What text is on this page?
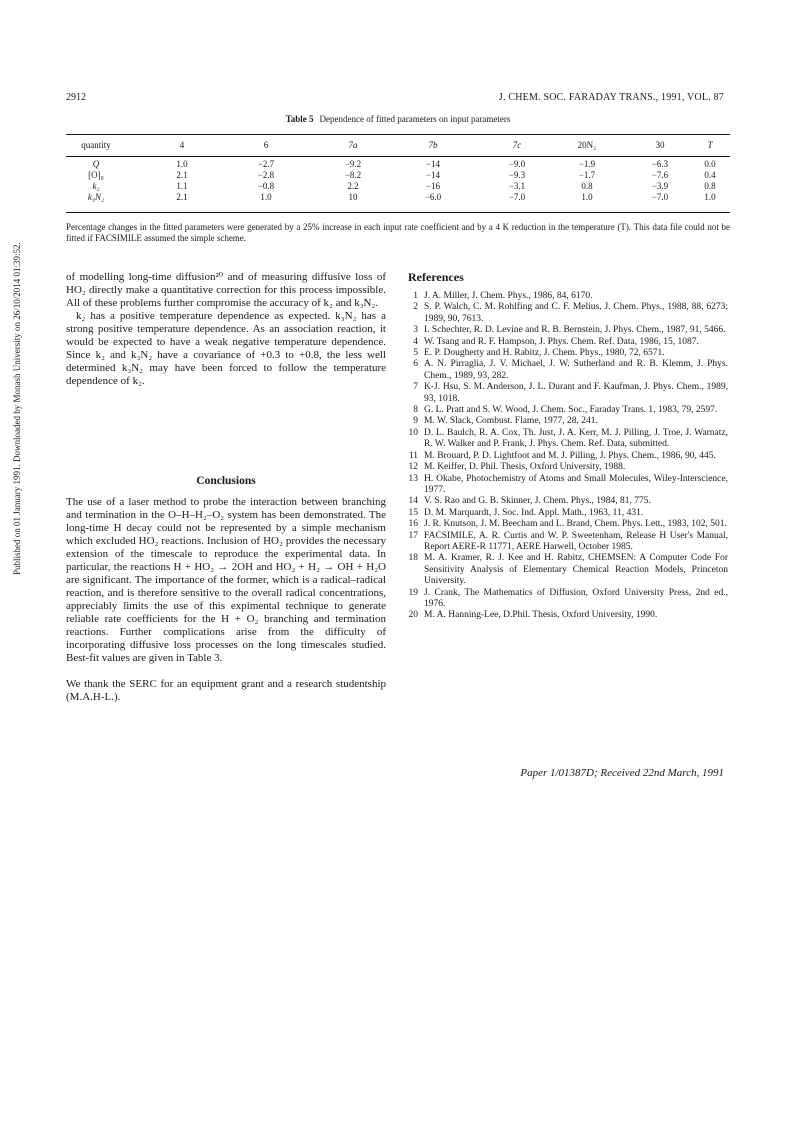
Published on 01 January 1991. Downloaded by Monash University on 26/10/2014 01:39:52.
2912	J. CHEM. SOC. FARADAY TRANS., 1991, VOL. 87
Table 5 Dependence of fitted parameters on input parameters
quantity	4	6	7a	7b	7c	20N₂	30	T
Q	1.0	−2.7	−9.2	−14	−9.0	−1.9	−6.3	0.0
[O]₀	2.1	−2.8	−8.2	−14	−9.3	−1.7	−7.6	0.4
k₂	1.1	−0.8	2.2	−16	−3.1	0.8	−3.9	0.8
k₃N₂	2.1	1.0	10	−6.0	−7.0	1.0	−7.0	1.0
Percentage changes in the fitted parameters were generated by a 25% increase in each input rate coefficient and by a 4 K reduction in the temperature (T). This data file could not be fitted if FACSIMILE assumed the simple scheme.

of modelling long-time diffusion²⁰ and of measuring diffusive loss of HO₂ directly make a quantitative correction for this process impossible. All of these problems further compromise the accuracy of k₂ and k₃N₂.

k₂ has a positive temperature dependence as expected. k₃N₂ has a strong positive temperature dependence. As an association reaction, it would be expected to have a weak negative temperature dependence. Since k₂ and k₃N₂ have a covariance of +0.3 to +0.8, the less well determined k₃N₂ may have been forced to follow the temperature dependence of k₂.

Conclusions

The use of a laser method to probe the interaction between branching and termination in the O–H–H₂–O₂ system has been demonstrated. The long-time H decay could not be represented by a simple mechanism which excluded HO₂ reactions. Inclusion of HO₂ provides the necessary extension of the timescale to reproduce the experimental data. In particular, the reactions H + HO₂ → 2OH and HO₂ + H₂ → OH + H₂O are significant. The importance of the former, which is a radical–radical reaction, and is therefore sensitive to the overall radical concentrations, appreciably limits the use of this expimental technique to generate reliable rate coefficients for the H + O₂ branching and termination reactions. Further complications arise from the difficulty of incorporating diffusive loss processes on the long timescales studied. Best-fit values are given in Table 3.

We thank the SERC for an equipment grant and a research studentship (M.A.H-L.).

References
1 J. A. Miller, J. Chem. Phys., 1986, 84, 6170.
2 S. P. Walch, C. M. Rohlfing and C. F. Melius, J. Chem. Phys., 1988, 88, 6273; 1989, 90, 7613.
3 I. Schechter, R. D. Levine and R. B. Bernstein, J. Phys. Chem., 1987, 91, 5466.
4 W. Tsang and R. F. Hampson, J. Phys. Chem. Ref. Data, 1986, 15, 1087.
5 E. P. Dougherty and H. Rabitz, J. Chem. Phys., 1980, 72, 6571.
6 A. N. Pirraglia, J. V. Michael, J. W. Sutherland and R. B. Klemm, J. Phys. Chem., 1989, 93, 282.
7 K-J. Hsu, S. M. Anderson, J. L. Durant and F. Kaufman, J. Phys. Chem., 1989, 93, 1018.
8 G. L. Pratt and S. W. Wood, J. Chem. Soc., Faraday Trans. 1, 1983, 79, 2597.
9 M. W. Slack, Combust. Flame, 1977, 28, 241.
10 D. L. Baulch, R. A. Cox, Th. Just, J. A. Kerr, M. J. Pilling, J. Troe, J. Warnatz, R. W. Walker and P. Frank, J. Phys. Chem. Ref. Data, submitted.
11 M. Brouard, P. D. Lightfoot and M. J. Pilling, J. Phys. Chem., 1986, 90, 445.
12 M. Keiffer, D. Phil. Thesis, Oxford University, 1988.
13 H. Okabe, Photochemistry of Atoms and Small Molecules, Wiley-Interscience, 1977.
14 V. S. Rao and G. B. Skinner, J. Chem. Phys., 1984, 81, 775.
15 D. M. Marquardt, J. Soc. Ind. Appl. Math., 1963, 11, 431.
16 J. R. Knutson, J. M. Beecham and L. Brand, Chem. Phys. Lett., 1983, 102, 501.
17 FACSIMILE, A. R. Curtis and W. P. Sweetenham, Release H User's Manual, Report AERE-R 11771, AERE Harwell, October 1985.
18 M. A. Kramer, R. J. Kee and H. Rabitz, CHEMSEN: A Computer Code For Sensitivity Analysis of Elementary Chemical Reaction Models, Princeton University.
19 J. Crank, The Mathematics of Diffusion, Oxford University Press, 2nd ed., 1976.
20 M. A. Hanning-Lee, D.Phil. Thesis, Oxford University, 1990.
Paper 1/01387D; Received 22nd March, 1991
